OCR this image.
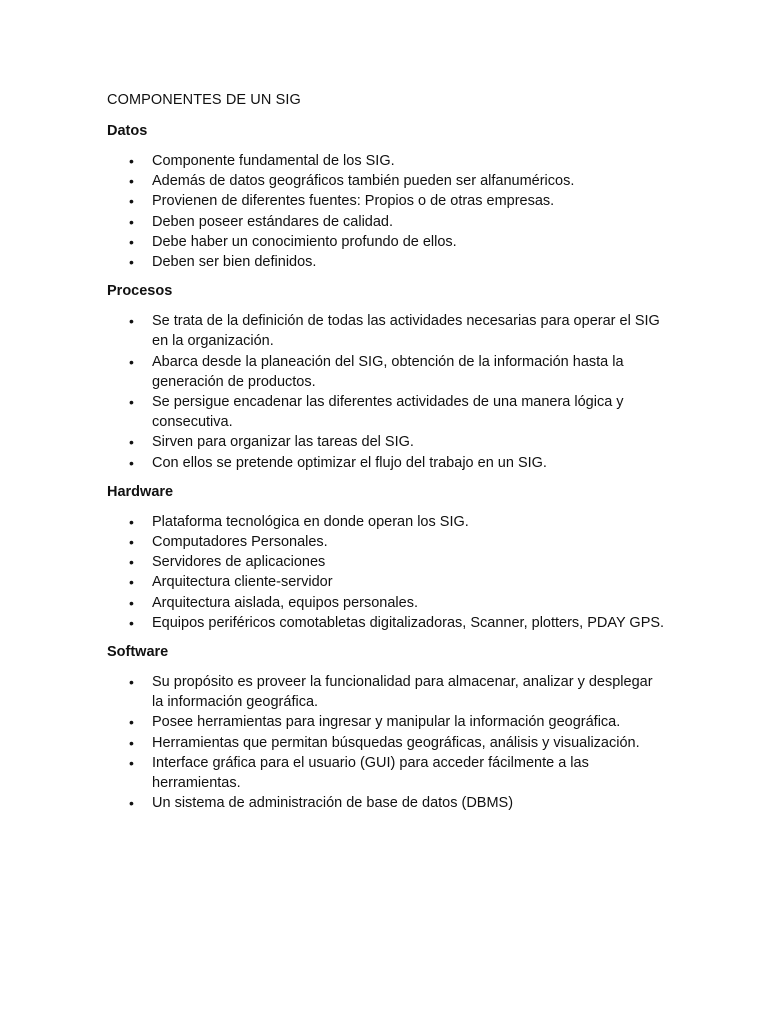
COMPONENTES DE UN SIG
Datos
• Componente fundamental de los SIG.
• Además de datos geográficos también pueden ser alfanuméricos.
• Provienen de diferentes fuentes: Propios o de otras empresas.
• Deben poseer estándares de calidad.
• Debe haber un conocimiento profundo de ellos.
• Deben ser bien definidos.
Procesos
• Se trata de la definición de todas las actividades necesarias para operar el SIG en la organización.
• Abarca desde la planeación del SIG, obtención de la información hasta la generación de productos.
• Se persigue encadenar las diferentes actividades de una manera lógica y consecutiva.
• Sirven para organizar las tareas del SIG.
• Con ellos se pretende optimizar el flujo del trabajo en un SIG.
Hardware
• Plataforma tecnológica en donde operan los SIG.
• Computadores Personales.
• Servidores de aplicaciones
• Arquitectura cliente-servidor
• Arquitectura aislada, equipos personales.
• Equipos periféricos comotabletas digitalizadoras, Scanner, plotters, PDAY GPS.
Software
• Su propósito es proveer la funcionalidad para almacenar, analizar y desplegar la información geográfica.
• Posee herramientas para ingresar y manipular la información geográfica.
• Herramientas que permitan búsquedas geográficas, análisis y visualización.
• Interface gráfica para el usuario (GUI) para acceder fácilmente a las herramientas.
• Un sistema de administración de base de datos (DBMS)
